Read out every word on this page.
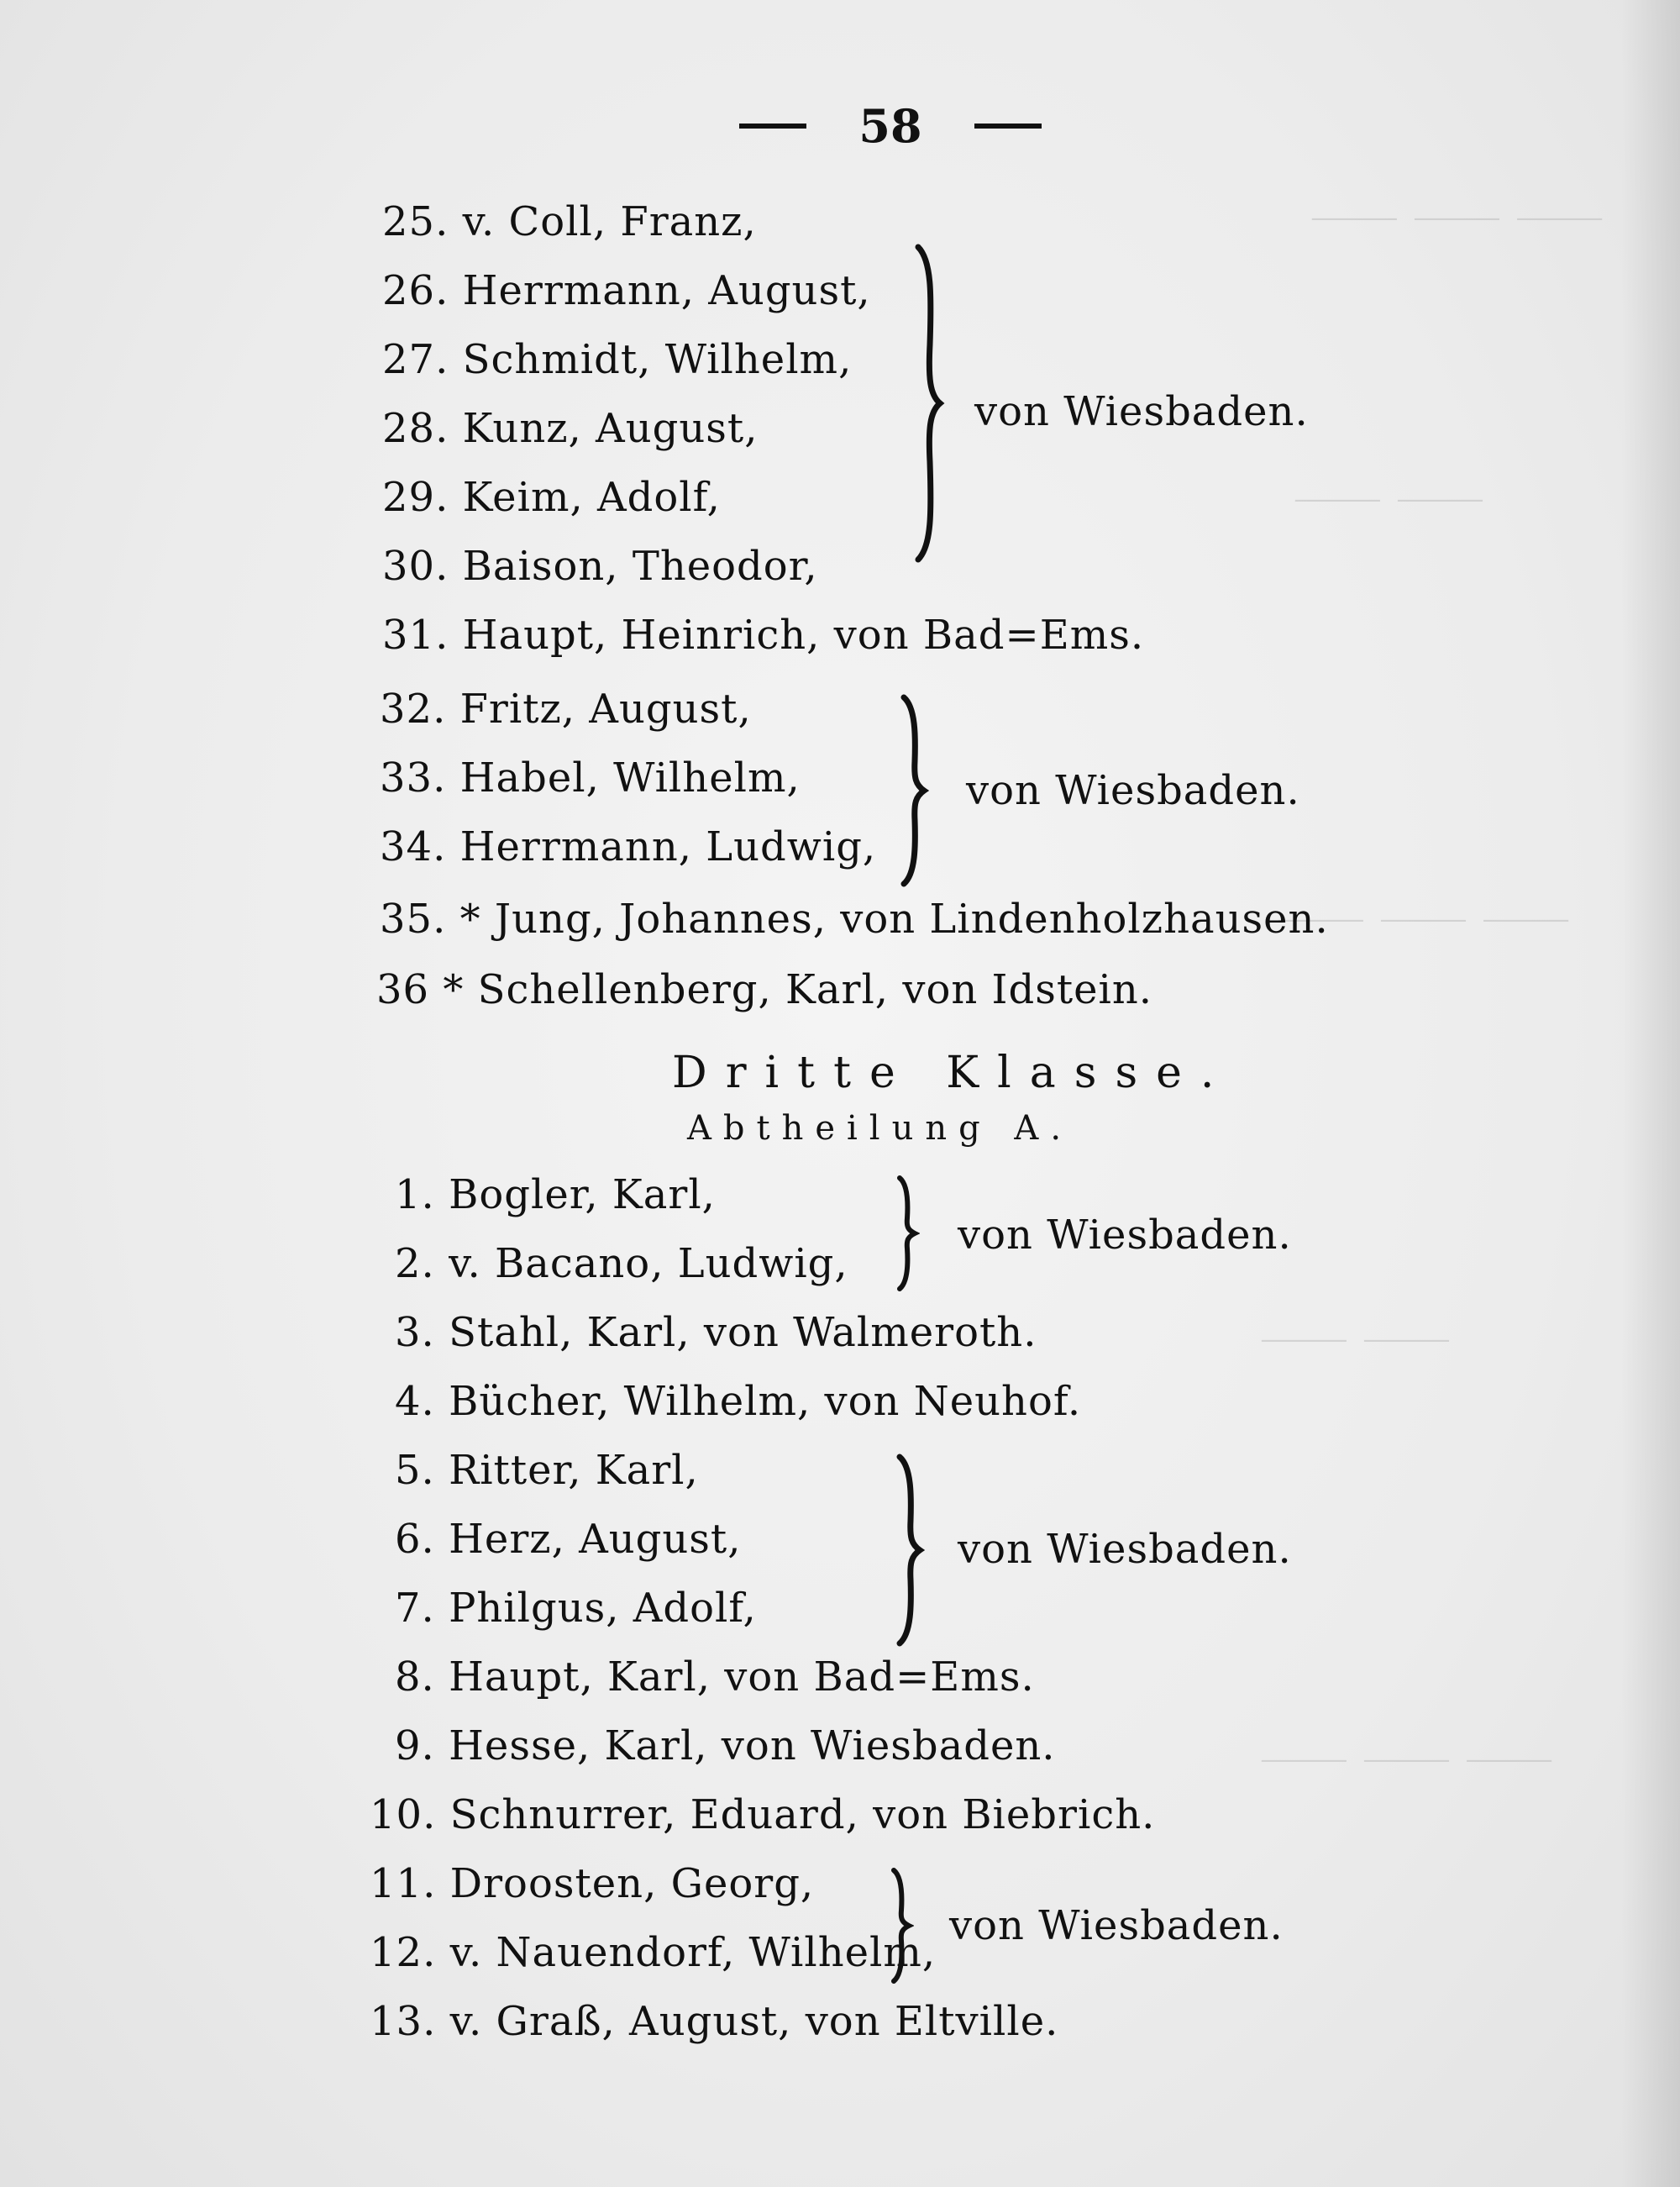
⸻ ⸻ ⸻
⸻ ⸻
⸻ ⸻ ⸻
⸻ ⸻
⸻ ⸻ ⸻
58
25. v. Coll, Franz,
26. Herrmann, August,
27. Schmidt, Wilhelm,
28. Kunz, August,
29. Keim, Adolf,
30. Baison, Theodor,
31. Haupt, Heinrich, von Bad=Ems.
32. Fritz, August,
33. Habel, Wilhelm,
34. Herrmann, Ludwig,
35. * Jung, Johannes, von Lindenholzhausen.
36 * Schellenberg, Karl, von Idstein.
von Wiesbaden.
von Wiesbaden.
Dritte Klasse.
Abtheilung A.
1. Bogler, Karl,
2. v. Bacano, Ludwig,
3. Stahl, Karl, von Walmeroth.
4. Bücher, Wilhelm, von Neuhof.
5. Ritter, Karl,
6. Herz, August,
7. Philgus, Adolf,
8. Haupt, Karl, von Bad=Ems.
9. Hesse, Karl, von Wiesbaden.
10. Schnurrer, Eduard, von Biebrich.
11. Droosten, Georg,
12. v. Nauendorf, Wilhelm,
13. v. Graß, August, von Eltville.
von Wiesbaden.
von Wiesbaden.
von Wiesbaden.
